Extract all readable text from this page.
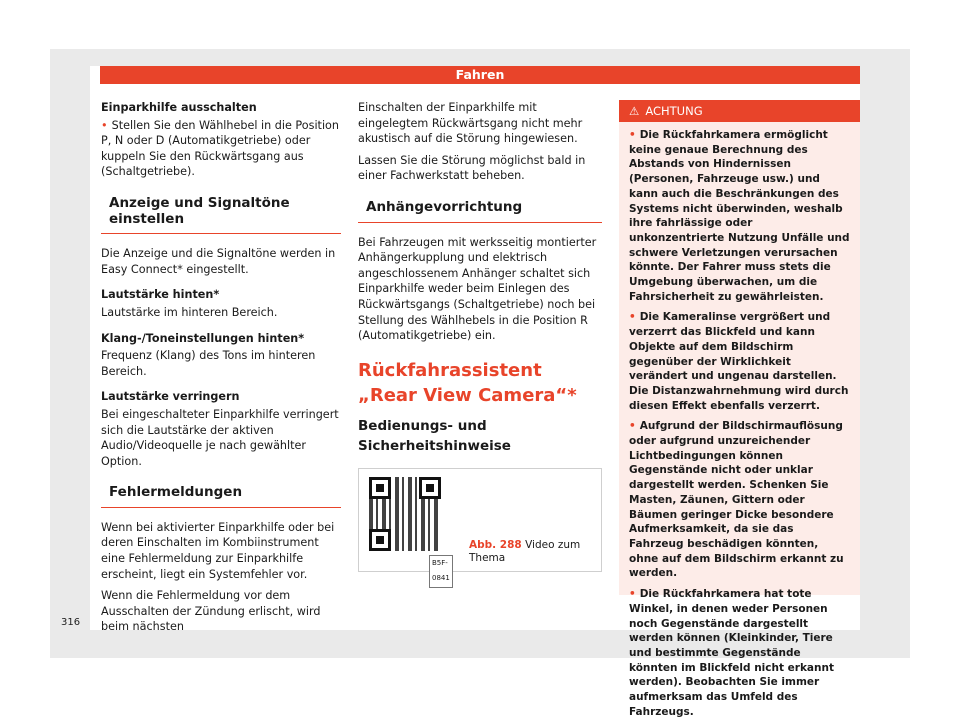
Fahren
316
Einparkhilfe ausschalten

• Stellen Sie den Wählhebel in die Position P, N oder D (Automatikgetriebe) oder kuppeln Sie den Rückwärtsgang aus (Schaltgetriebe).

Anzeige und Signaltöne einstellen

Die Anzeige und die Signaltöne werden in Easy Connect* eingestellt.

Lautstärke hinten*

Lautstärke im hinteren Bereich.

Klang-/Toneinstellungen hinten*

Frequenz (Klang) des Tons im hinteren Bereich.

Lautstärke verringern

Bei eingeschalteter Einparkhilfe verringert sich die Lautstärke der aktiven Audio/Videoquelle je nach gewählter Option.

Fehlermeldungen

Wenn bei aktivierter Einparkhilfe oder bei deren Einschalten im Kombiinstrument eine Fehlermeldung zur Einparkhilfe erscheint, liegt ein Systemfehler vor.

Wenn die Fehlermeldung vor dem Ausschalten der Zündung erlischt, wird beim nächsten

Einschalten der Einparkhilfe mit eingelegtem Rückwärtsgang nicht mehr akustisch auf die Störung hingewiesen.

Lassen Sie die Störung möglichst bald in einer Fachwerkstatt beheben.

Anhängevorrichtung

Bei Fahrzeugen mit werksseitig montierter Anhängerkupplung und elektrisch angeschlossenem Anhänger schaltet sich Einparkhilfe weder beim Einlegen des Rückwärtsgangs (Schaltgetriebe) noch bei Stellung des Wählhebels in die Position R (Automatikgetriebe) ein.

Rückfahrassistent „Rear View Camera“*
Bedienungs- und Sicherheitshinweise
B5F-0841
Abb. 288 Video zum Thema
⚠ ACHTUNG

• Die Rückfahrkamera ermöglicht keine genaue Berechnung des Abstands von Hindernissen (Personen, Fahrzeuge usw.) und kann auch die Beschränkungen des Systems nicht überwinden, weshalb ihre fahrlässige oder unkonzentrierte Nutzung Unfälle und schwere Verletzungen verursachen könnte. Der Fahrer muss stets die Umgebung überwachen, um die Fahrsicherheit zu gewährleisten.

• Die Kameralinse vergrößert und verzerrt das Blickfeld und kann Objekte auf dem Bildschirm gegenüber der Wirklichkeit verändert und ungenau darstellen. Die Distanzwahrnehmung wird durch diesen Effekt ebenfalls verzerrt.

• Aufgrund der Bildschirmauflösung oder aufgrund unzureichender Lichtbedingungen können Gegenstände nicht oder unklar dargestellt werden. Schenken Sie Masten, Zäunen, Gittern oder Bäumen geringer Dicke besondere Aufmerksamkeit, da sie das Fahrzeug beschädigen könnten, ohne auf dem Bildschirm erkannt zu werden.

• Die Rückfahrkamera hat tote Winkel, in denen weder Personen noch Gegenstände dargestellt werden können (Kleinkinder, Tiere und bestimmte Gegenstände könnten im Blickfeld nicht erkannt werden). Beobachten Sie immer aufmerksam das Umfeld des Fahrzeugs.
